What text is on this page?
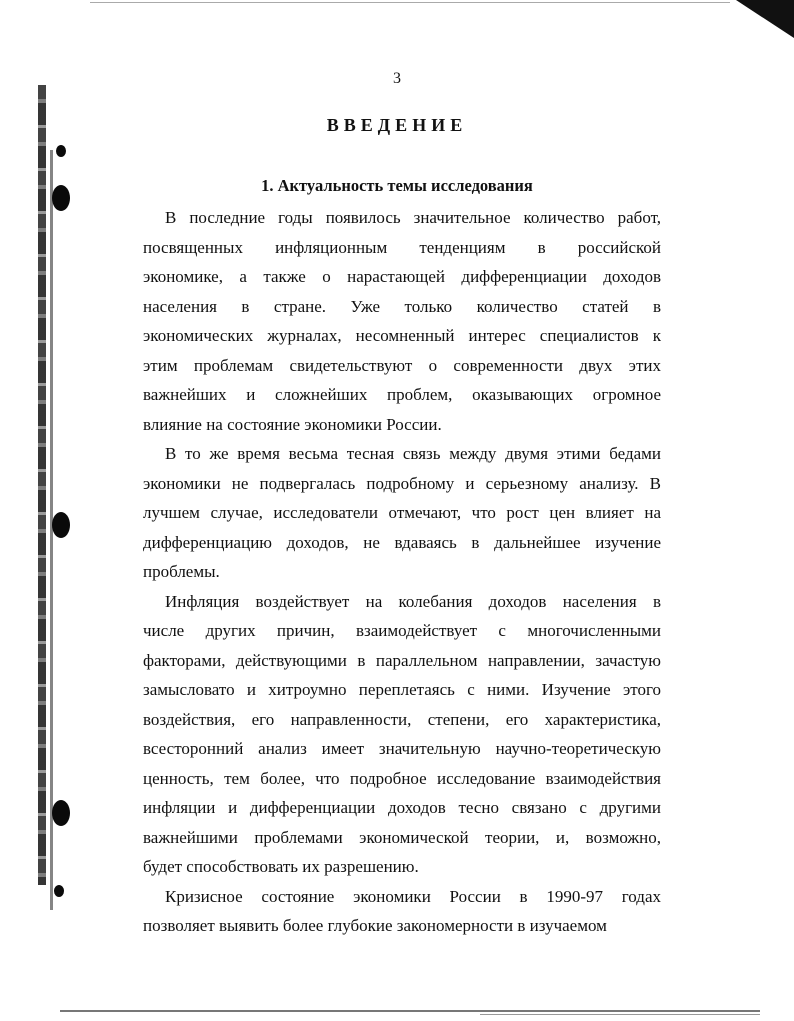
3
ВВЕДЕНИЕ
1. Актуальность темы исследования
В последние годы появилось значительное количество работ,
посвященных инфляционным тенденциям в российской
экономике, а также о нарастающей дифференциации доходов
населения в стране. Уже только количество статей в
экономических журналах, несомненный интерес специалистов к
этим проблемам свидетельствуют о современности двух этих
важнейших и сложнейших проблем, оказывающих огромное
влияние на состояние экономики России.
В то же время весьма тесная связь между двумя этими бедами
экономики не подвергалась подробному и серьезному анализу. В
лучшем случае, исследователи отмечают, что рост цен влияет на
дифференциацию доходов, не вдаваясь в дальнейшее изучение
проблемы.
Инфляция воздействует на колебания доходов населения в
числе других причин, взаимодействует с многочисленными
факторами, действующими в параллельном направлении, зачастую
замысловато и хитроумно переплетаясь с ними. Изучение этого
воздействия, его направленности, степени, его характеристика,
всесторонний анализ имеет значительную научно-теоретическую
ценность, тем более, что подробное исследование взаимодействия
инфляции и дифференциации доходов тесно связано с другими
важнейшими проблемами экономической теории, и, возможно,
будет способствовать их разрешению.
Кризисное состояние экономики России в 1990-97 годах
позволяет выявить более глубокие закономерности в изучаемом
